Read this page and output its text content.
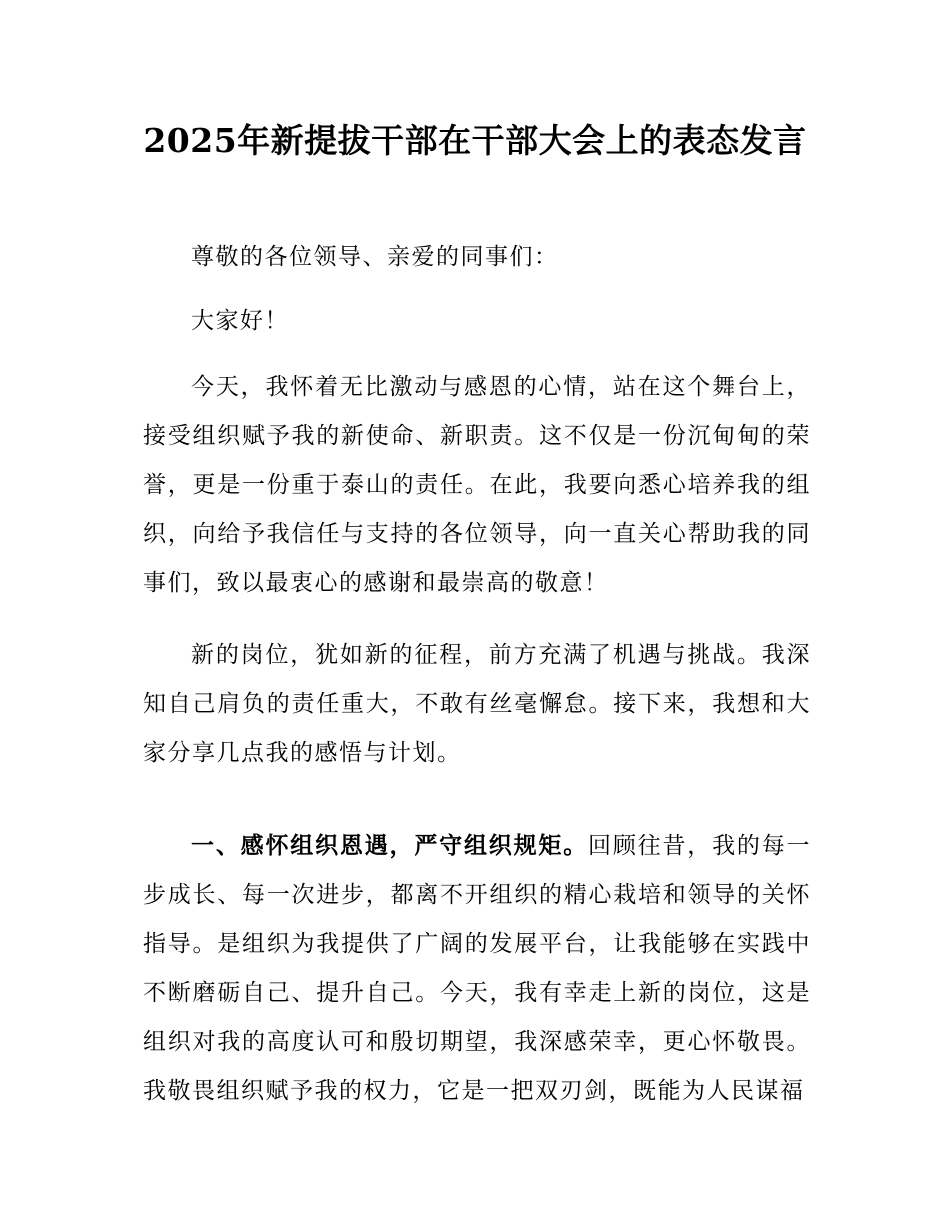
2025年新提拔干部在干部大会上的表态发言

尊敬的各位领导、亲爱的同事们：

大家好！

今天，我怀着无比激动与感恩的心情，站在这个舞台上，接受组织赋予我的新使命、新职责。这不仅是一份沉甸甸的荣誉，更是一份重于泰山的责任。在此，我要向悉心培养我的组织，向给予我信任与支持的各位领导，向一直关心帮助我的同事们，致以最衷心的感谢和最崇高的敬意！

新的岗位，犹如新的征程，前方充满了机遇与挑战。我深知自己肩负的责任重大，不敢有丝毫懈怠。接下来，我想和大家分享几点我的感悟与计划。

一、感怀组织恩遇，严守组织规矩。回顾往昔，我的每一步成长、每一次进步，都离不开组织的精心栽培和领导的关怀指导。是组织为我提供了广阔的发展平台，让我能够在实践中不断磨砺自己、提升自己。今天，我有幸走上新的岗位，这是组织对我的高度认可和殷切期望，我深感荣幸，更心怀敬畏。我敬畏组织赋予我的权力，它是一把双刃剑，既能为人民谋福
